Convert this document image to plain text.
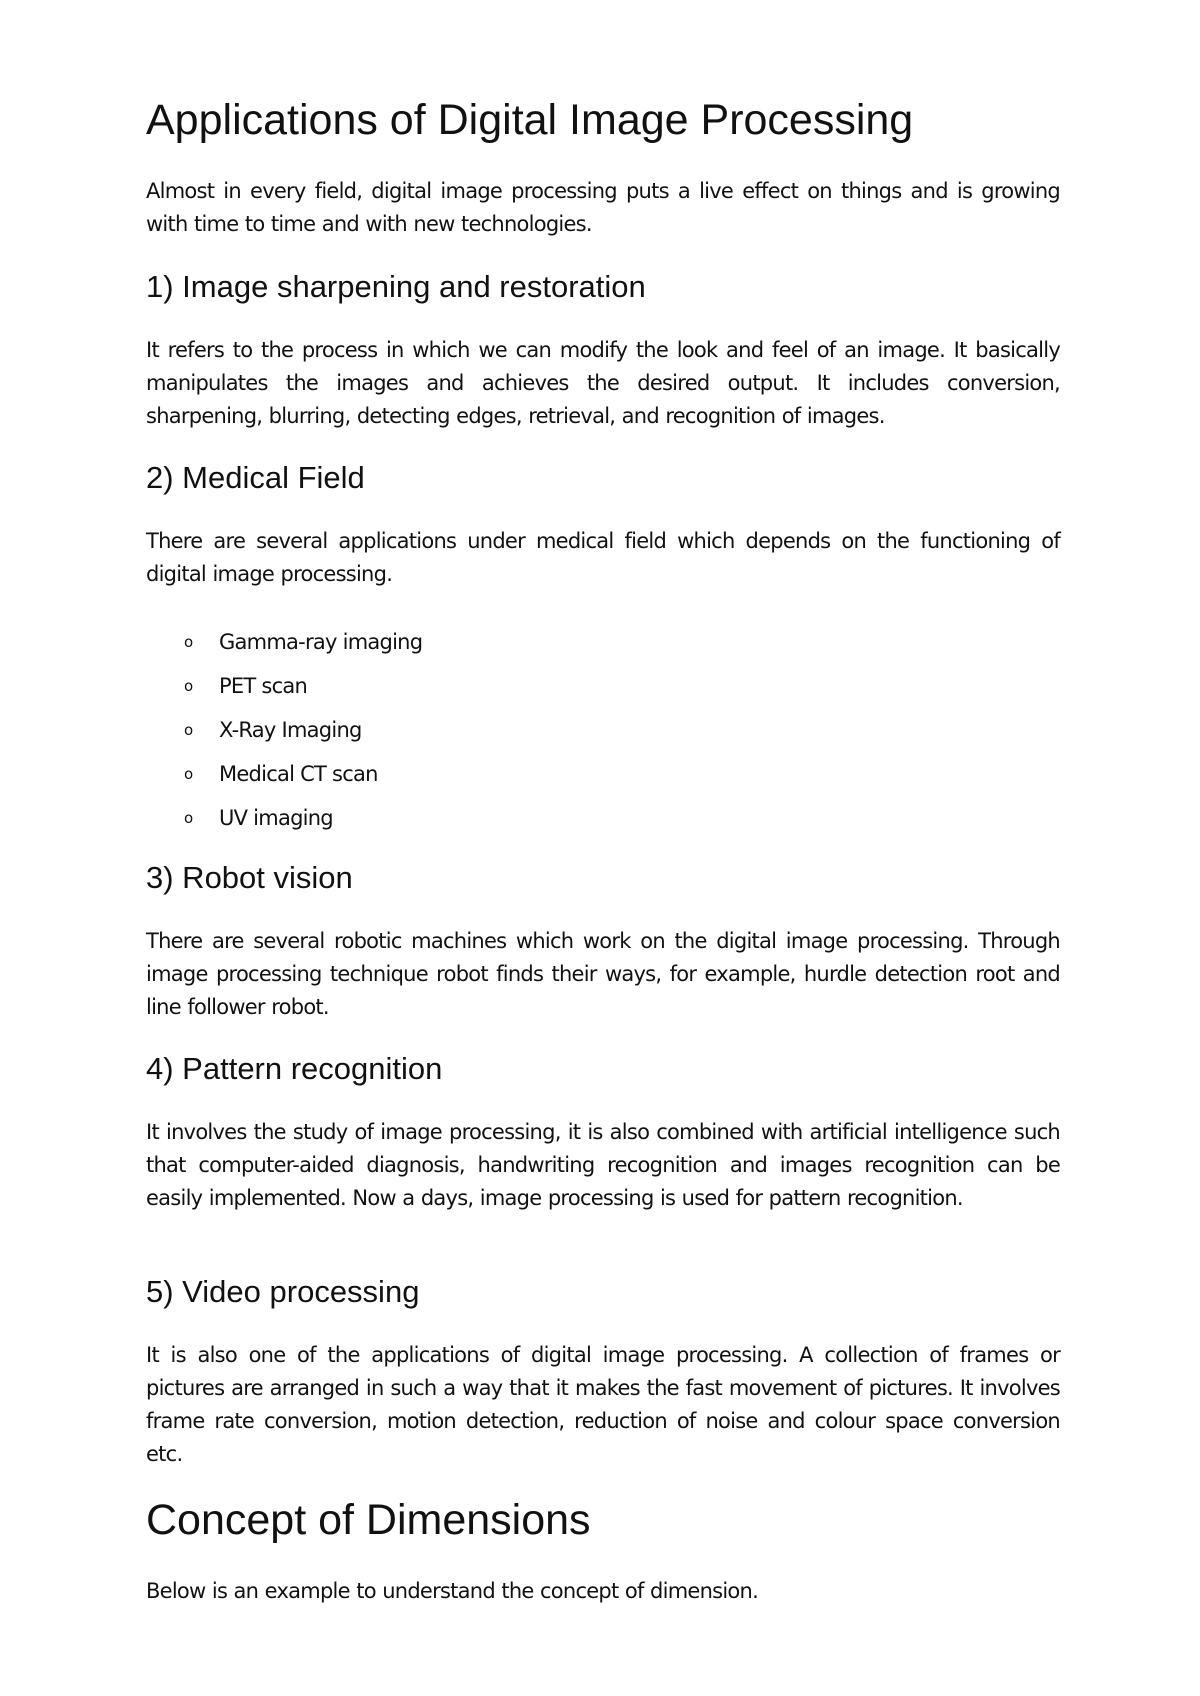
Applications of Digital Image Processing

Almost in every field, digital image processing puts a live effect on things and is growing with time to time and with new technologies.

1) Image sharpening and restoration

It refers to the process in which we can modify the look and feel of an image. It basically manipulates the images and achieves the desired output. It includes conversion, sharpening, blurring, detecting edges, retrieval, and recognition of images.

2) Medical Field

There are several applications under medical field which depends on the functioning of digital image processing.

o Gamma-ray imaging
o PET scan
o X-Ray Imaging
o Medical CT scan
o UV imaging
3) Robot vision

There are several robotic machines which work on the digital image processing. Through image processing technique robot finds their ways, for example, hurdle detection root and line follower robot.

4) Pattern recognition

It involves the study of image processing, it is also combined with artificial intelligence such that computer-aided diagnosis, handwriting recognition and images recognition can be easily implemented. Now a days, image processing is used for pattern recognition.

5) Video processing

It is also one of the applications of digital image processing. A collection of frames or pictures are arranged in such a way that it makes the fast movement of pictures. It involves frame rate conversion, motion detection, reduction of noise and colour space conversion etc.

Concept of Dimensions

Below is an example to understand the concept of dimension.
